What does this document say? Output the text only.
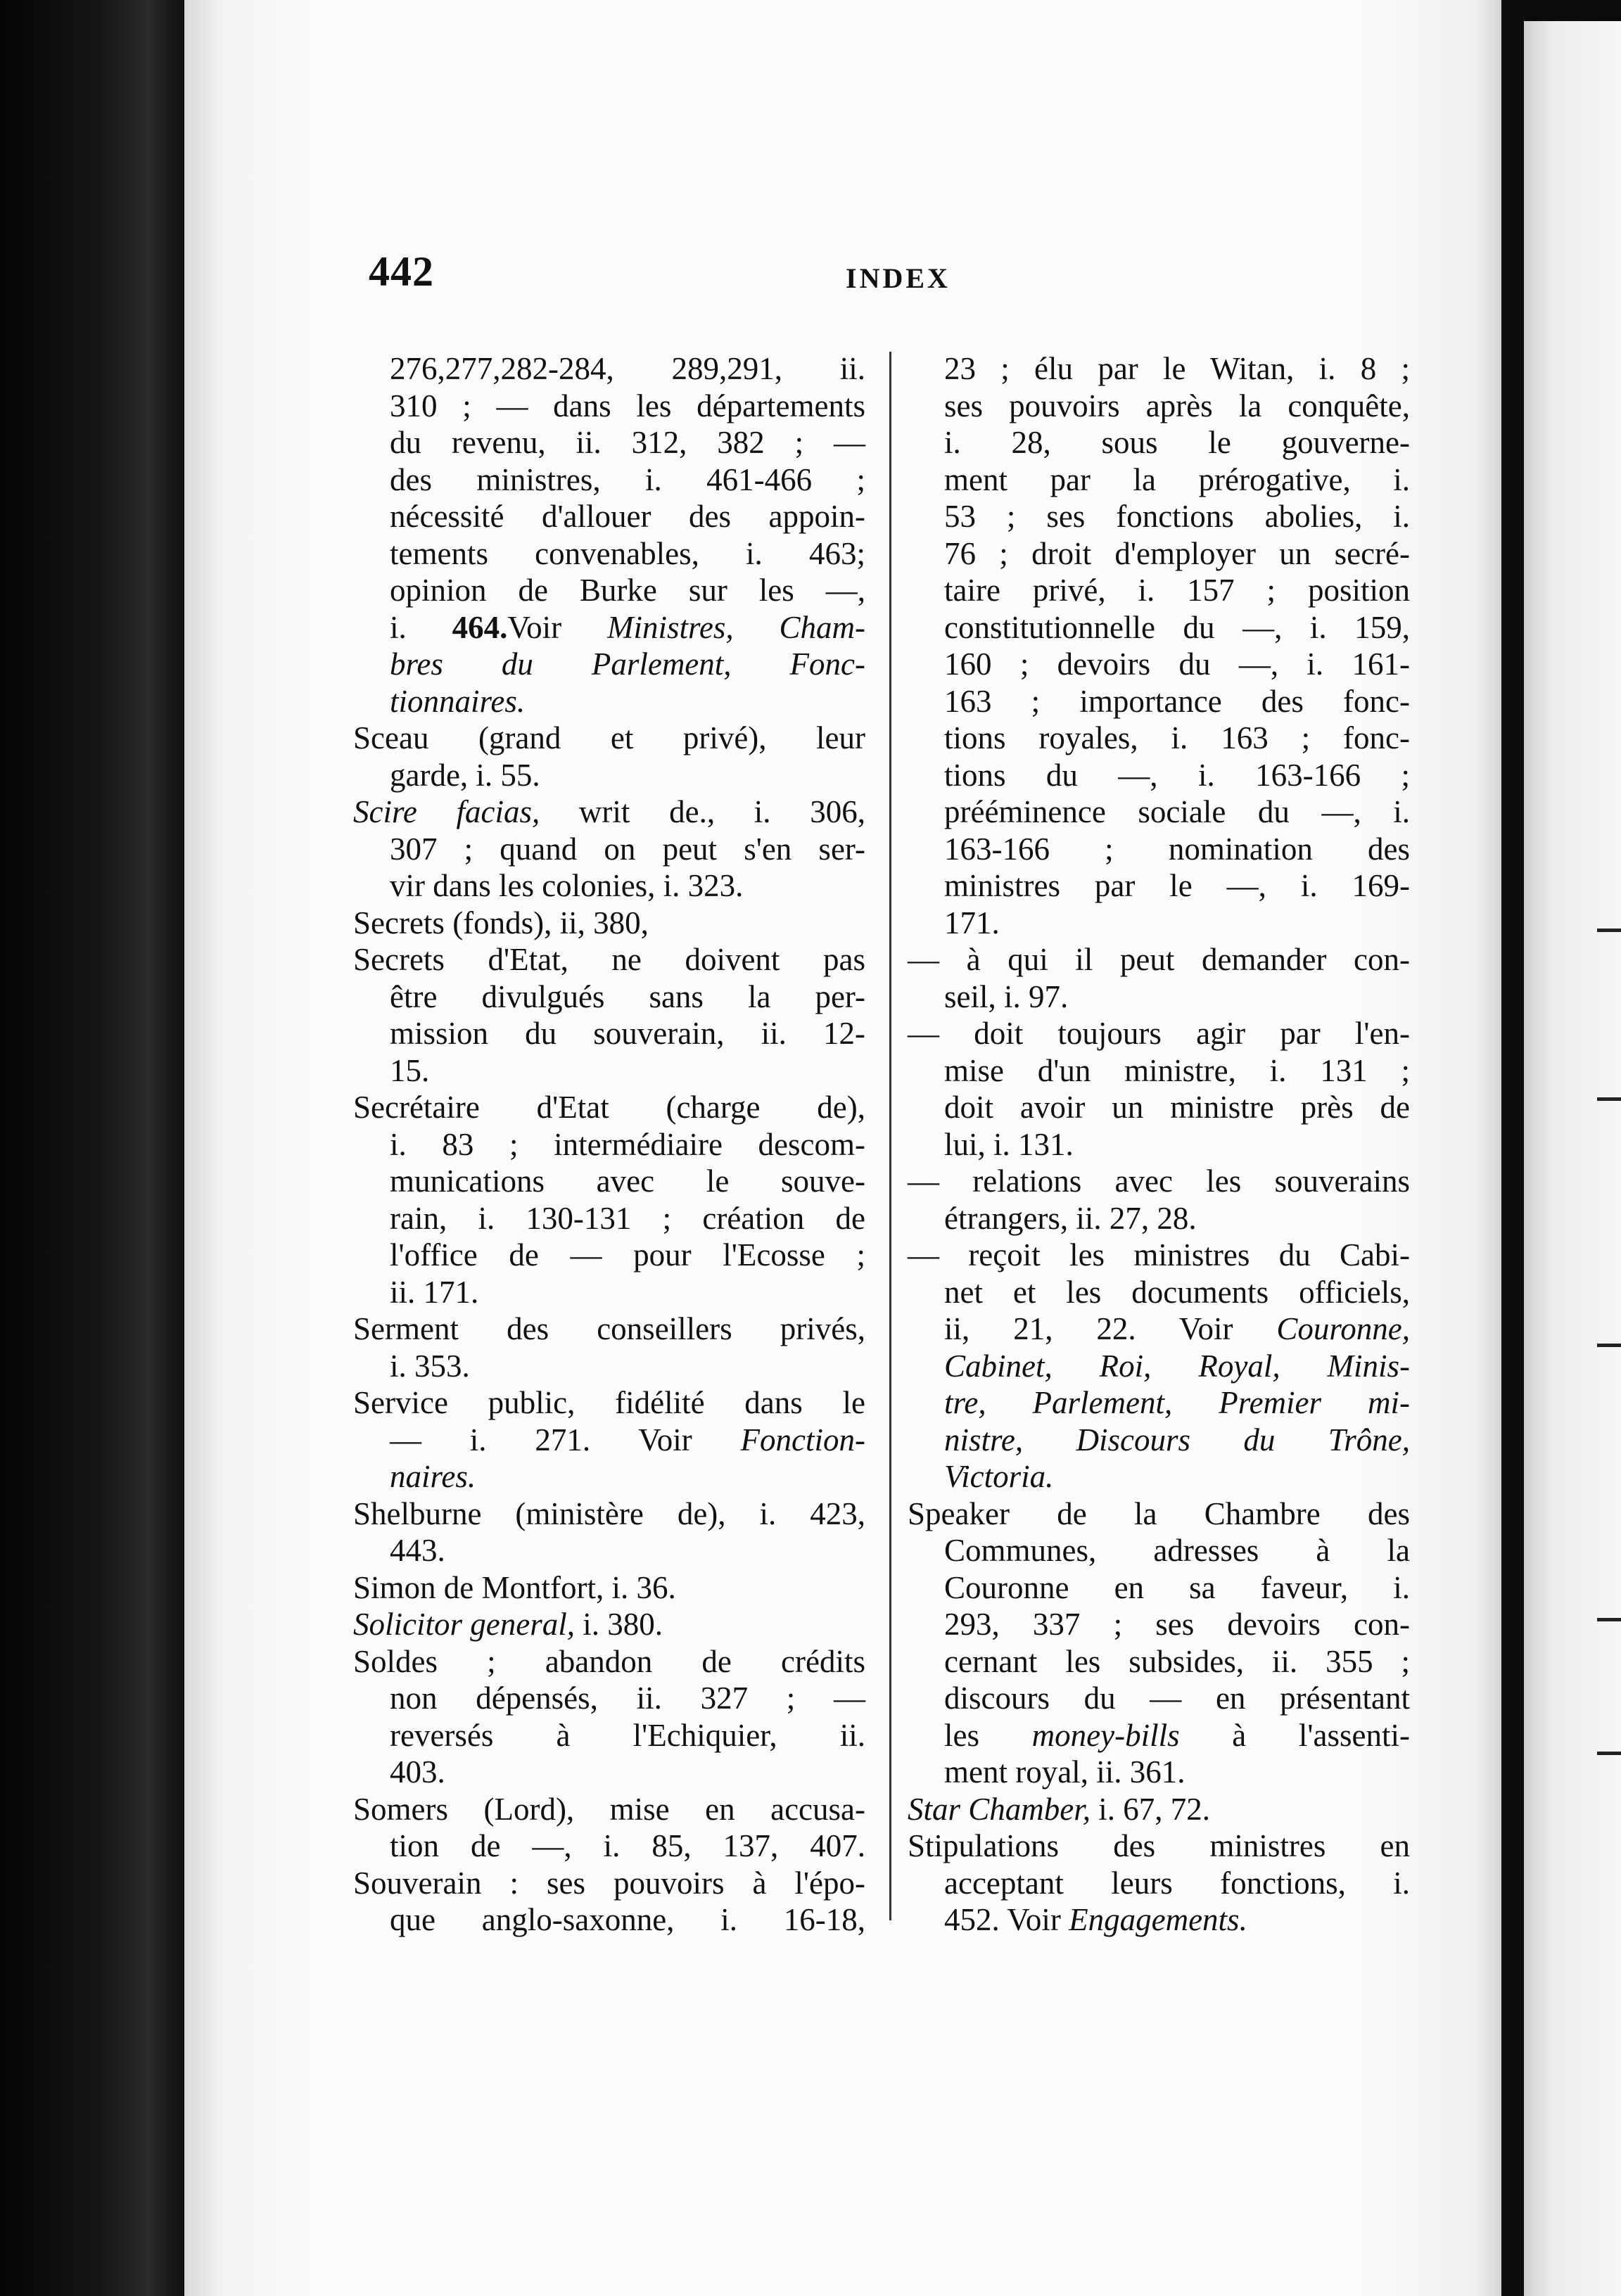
442	INDEX
276,277,282-284, 289,291, ii.
310 ; — dans les départements
du revenu, ii. 312, 382 ; —
des ministres, i. 461-466 ;
nécessité d'allouer des appoin-
tements convenables, i. 463;
opinion de Burke sur les —,
i. 464.Voir Ministres, Cham-
bres du Parlement, Fonc-
tionnaires.
Sceau (grand et privé), leur
garde, i. 55.
Scire facias, writ de., i. 306,
307 ; quand on peut s'en ser-
vir dans les colonies, i. 323.
Secrets (fonds), ii, 380,
Secrets d'Etat, ne doivent pas
être divulgués sans la per-
mission du souverain, ii. 12-
15.
Secrétaire d'Etat (charge de),
i. 83 ; intermédiaire descom-
munications avec le souve-
rain, i. 130-131 ; création de
l'office de — pour l'Ecosse ;
ii. 171.
Serment des conseillers privés,
i. 353.
Service public, fidélité dans le
— i. 271. Voir Fonction-
naires.
Shelburne (ministère de), i. 423,
443.
Simon de Montfort, i. 36.
Solicitor general, i. 380.
Soldes ; abandon de crédits
non dépensés, ii. 327 ; —
reversés à l'Echiquier, ii.
403.
Somers (Lord), mise en accusa-
tion de —, i. 85, 137, 407.
Souverain : ses pouvoirs à l'épo-
que anglo-saxonne, i. 16-18,
23 ; élu par le Witan, i. 8 ;
ses pouvoirs après la conquête,
i. 28, sous le gouverne-
ment par la prérogative, i.
53 ; ses fonctions abolies, i.
76 ; droit d'employer un secré-
taire privé, i. 157 ; position
constitutionnelle du —, i. 159,
160 ; devoirs du —, i. 161-
163 ; importance des fonc-
tions royales, i. 163 ; fonc-
tions du —, i. 163-166 ;
prééminence sociale du —, i.
163-166 ; nomination des
ministres par le —, i. 169-
171.
— à qui il peut demander con-
seil, i. 97.
— doit toujours agir par l'en-
mise d'un ministre, i. 131 ;
doit avoir un ministre près de
lui, i. 131.
— relations avec les souverains
étrangers, ii. 27, 28.
— reçoit les ministres du Cabi-
net et les documents officiels,
ii, 21, 22. Voir Couronne,
Cabinet, Roi, Royal, Minis-
tre, Parlement, Premier mi-
nistre, Discours du Trône,
Victoria.
Speaker de la Chambre des
Communes, adresses à la
Couronne en sa faveur, i.
293, 337 ; ses devoirs con-
cernant les subsides, ii. 355 ;
discours du — en présentant
les money-bills à l'assenti-
ment royal, ii. 361.
Star Chamber, i. 67, 72.
Stipulations des ministres en
acceptant leurs fonctions, i.
452. Voir Engagements.
